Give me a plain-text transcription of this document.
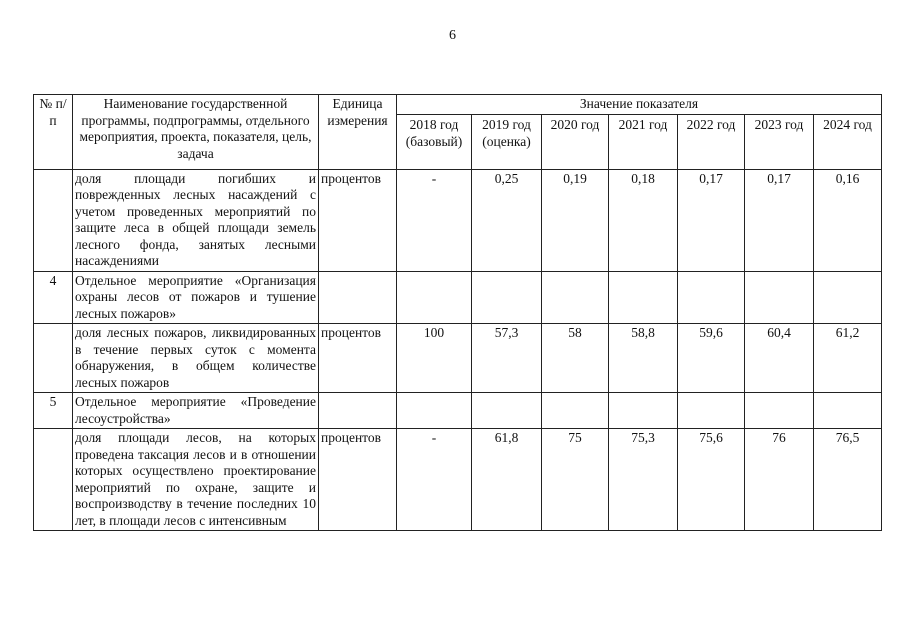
6
№ п/п	Наименование государственной программы, подпрограммы, отдельного мероприятия, проекта, показателя, цель, задача	Единица измерения	Значение показателя						
			2018 год (базовый)	2019 год (оценка)	2020 год	2021 год	2022 год	2023 год	2024 год
	доля площади погибших и поврежденных лесных насаждений с учетом проведенных мероприятий по защите леса в общей площади земель лесного фонда, занятых лесными насаждениями	процентов	-	0,25	0,19	0,18	0,17	0,17	0,16
4	Отдельное мероприятие «Организация охраны лесов от пожаров и тушение лесных пожаров»								
	доля лесных пожаров, ликвидированных в течение первых суток с момента обнаружения, в общем количестве лесных пожаров	процентов	100	57,3	58	58,8	59,6	60,4	61,2
5	Отдельное мероприятие «Проведение лесоустройства»								
	доля площади лесов, на которых проведена таксация лесов и в отношении которых осуществлено проектирование мероприятий по охране, защите и воспроизводству в течение последних 10 лет, в площади лесов с интенсивным	процентов	-	61,8	75	75,3	75,6	76	76,5
